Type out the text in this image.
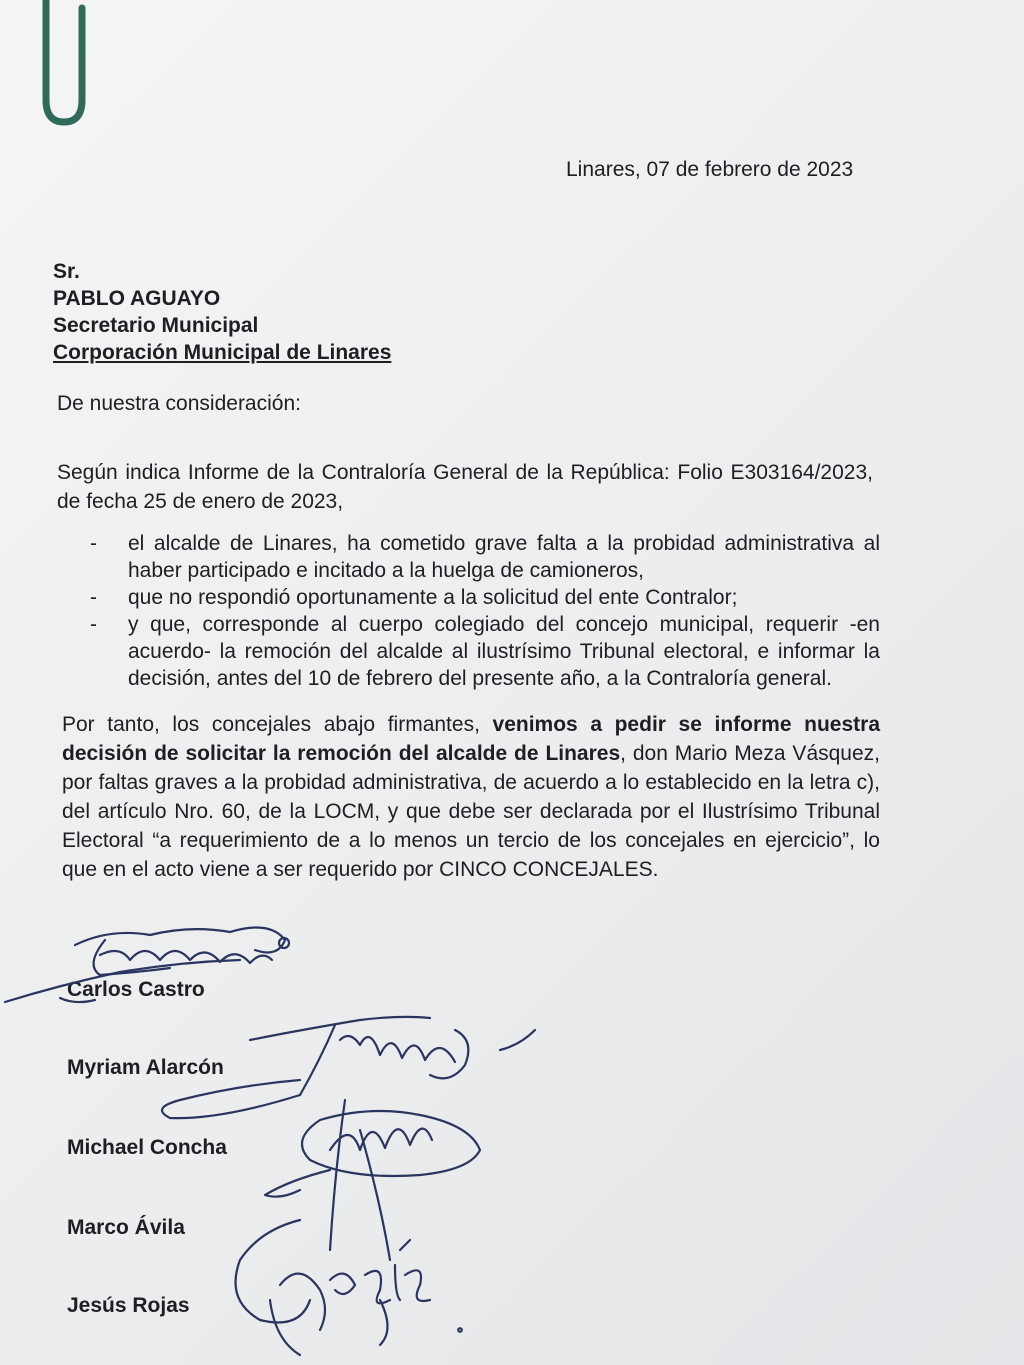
Linares, 07 de febrero de 2023
Sr.
PABLO AGUAYO
Secretario Municipal
Corporación Municipal de Linares
De nuestra consideración:
Según indica Informe de la Contraloría General de la República: Folio E303164/2023, de fecha 25 de enero de 2023,
-	el alcalde de Linares, ha cometido grave falta a la probidad administrativa al haber participado e incitado a la huelga de camioneros,
-	que no respondió oportunamente a la solicitud del ente Contralor;
-	y que, corresponde al cuerpo colegiado del concejo municipal, requerir -en acuerdo- la remoción del alcalde al ilustrísimo Tribunal electoral, e informar la decisión, antes del 10 de febrero del presente año, a la Contraloría general.
Por tanto, los concejales abajo firmantes, venimos a pedir se informe nuestra decisión de solicitar la remoción del alcalde de Linares, don Mario Meza Vásquez, por faltas graves a la probidad administrativa, de acuerdo a lo establecido en la letra c), del artículo Nro. 60, de la LOCM, y que debe ser declarada por el Ilustrísimo Tribunal Electoral “a requerimiento de a lo menos un tercio de los concejales en ejercicio”, lo que en el acto viene a ser requerido por CINCO CONCEJALES.
Carlos Castro
Myriam Alarcón
Michael Concha
Marco Ávila
Jesús Rojas
